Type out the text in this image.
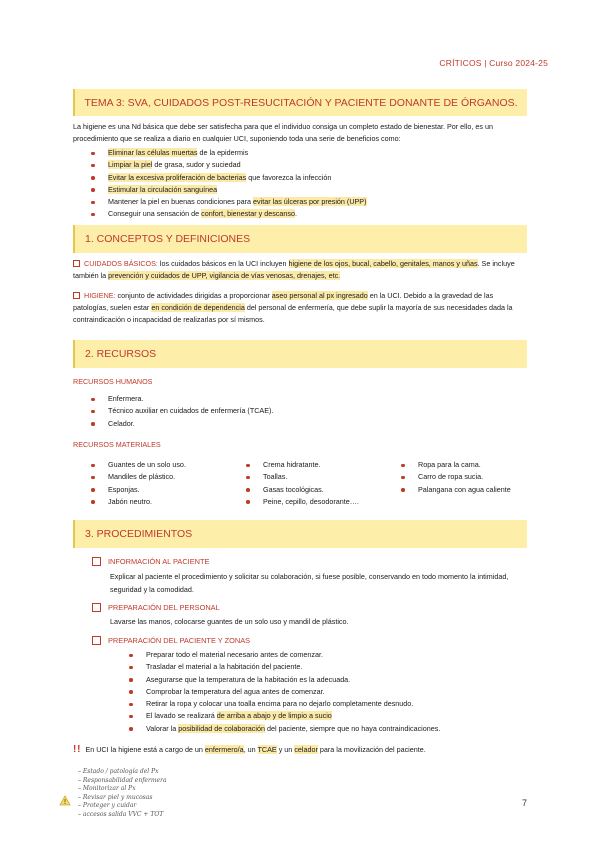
CRÍTICOS | Curso 2024-25
TEMA 3: SVA, CUIDADOS POST-RESUCITACIÓN Y PACIENTE DONANTE DE ÓRGANOS.
La higiene es una Nd básica que debe ser satisfecha para que el individuo consiga un completo estado de bienestar. Por ello, es un procedimiento que se realiza a diario en cualquier UCI, suponiendo toda una serie de beneficios como:
Eliminar las células muertas de la epidermis
Limpiar la piel de grasa, sudor y suciedad
Evitar la excesiva proliferación de bacterias que favorezca la infección
Estimular la circulación sanguínea
Mantener la piel en buenas condiciones para evitar las úlceras por presión (UPP)
Conseguir una sensación de confort, bienestar y descanso.
1. CONCEPTOS Y DEFINICIONES
CUIDADOS BÁSICOS: los cuidados básicos en la UCI incluyen higiene de los ojos, bucal, cabello, genitales, manos y uñas. Se incluye también la prevención y cuidados de UPP, vigilancia de vías venosas, drenajes, etc.
HIGIENE: conjunto de actividades dirigidas a proporcionar aseo personal al px ingresado en la UCI. Debido a la gravedad de las patologías, suelen estar en condición de dependencia del personal de enfermería, que debe suplir la mayoría de sus necesidades dada la contraindicación o incapacidad de realizarlas por sí mismos.
2. RECURSOS
RECURSOS HUMANOS
Enfermera.
Técnico auxiliar en cuidados de enfermería (TCAE).
Celador.
RECURSOS MATERIALES
Guantes de un solo uso.
Mandiles de plástico.
Esponjas.
Jabón neutro.
Crema hidratante.
Toallas.
Gasas tocológicas.
Peine, cepillo, desodorante….
Ropa para la cama.
Carro de ropa sucia.
Palangana con agua caliente
3. PROCEDIMIENTOS
INFORMACIÓN AL PACIENTE
Explicar al paciente el procedimiento y solicitar su colaboración, si fuese posible, conservando en todo momento la intimidad, seguridad y la comodidad.
PREPARACIÓN DEL PERSONAL
Lavarse las manos, colocarse guantes de un solo uso y mandil de plástico.
PREPARACIÓN DEL PACIENTE Y ZONAS
Preparar todo el material necesario antes de comenzar.
Trasladar el material a la habitación del paciente.
Asegurarse que la temperatura de la habitación es la adecuada.
Comprobar la temperatura del agua antes de comenzar.
Retirar la ropa y colocar una toalla encima para no dejarlo completamente desnudo.
El lavado se realizará de arriba a abajo y de limpio a sucio
Valorar la posibilidad de colaboración del paciente, siempre que no haya contraindicaciones.
! ! En UCI la higiene está a cargo de un enfermero/a, un TCAE y un celador para la movilización del paciente.
– Estado / patología del Px
– Responsabilidad enfermera
– Monitorizar al Px
– Revisar piel y mucosas
– Proteger y cuidar
– accesos salida VVC + TOT
7
